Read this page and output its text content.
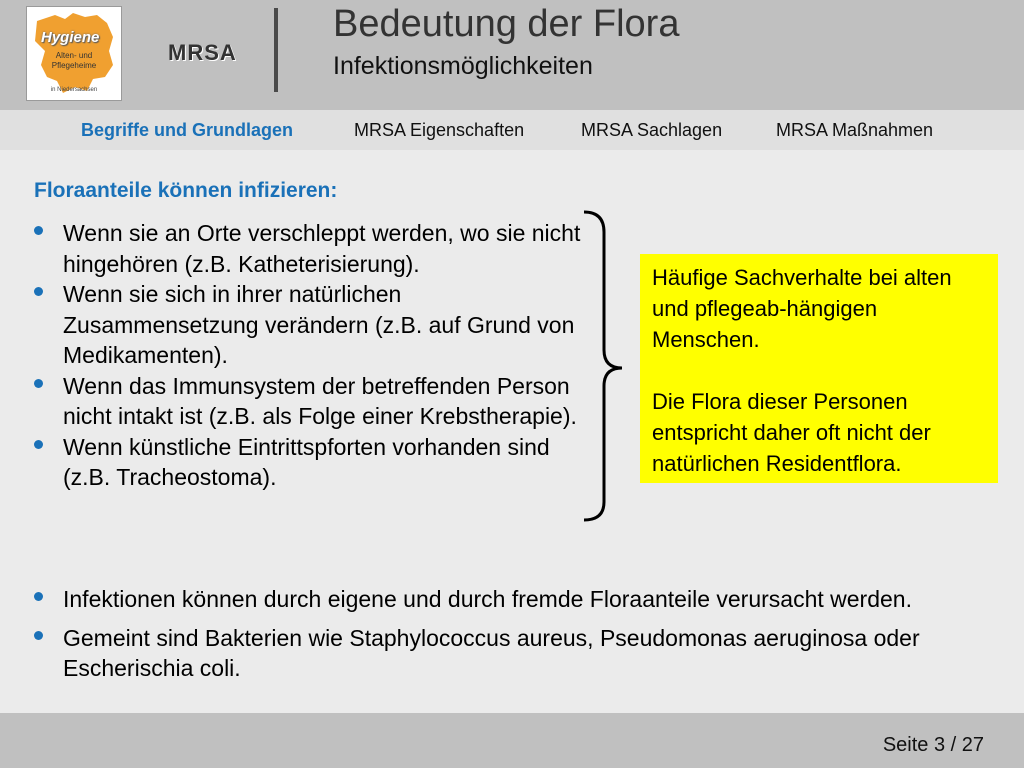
Hygiene
Alten- und
Pflegeheime
in Niedersachsen
MRSA
Bedeutung der Flora
Infektionsmöglichkeiten
Begriffe und Grundlagen	MRSA Eigenschaften	MRSA Sachlagen	MRSA Maßnahmen
Floraanteile können infizieren:
Wenn sie an Orte verschleppt werden, wo sie nicht hingehören (z.B. Katheterisierung).
Wenn sie sich in ihrer natürlichen Zusammensetzung verändern (z.B. auf Grund von Medikamenten).
Wenn das Immunsystem der betreffenden Person nicht intakt ist (z.B. als Folge einer Krebstherapie).
Wenn künstliche Eintrittspforten vorhanden sind (z.B. Tracheostoma).

Häufige Sachverhalte bei alten und pflegeab-hängigen Menschen.

Die Flora dieser Personen entspricht daher oft nicht der natürlichen Residentflora.

Infektionen können durch eigene und durch fremde Floraanteile verursacht werden.
Gemeint sind Bakterien wie Staphylococcus aureus, Pseudomonas aeruginosa oder Escherischia coli.
Seite 3 / 27
